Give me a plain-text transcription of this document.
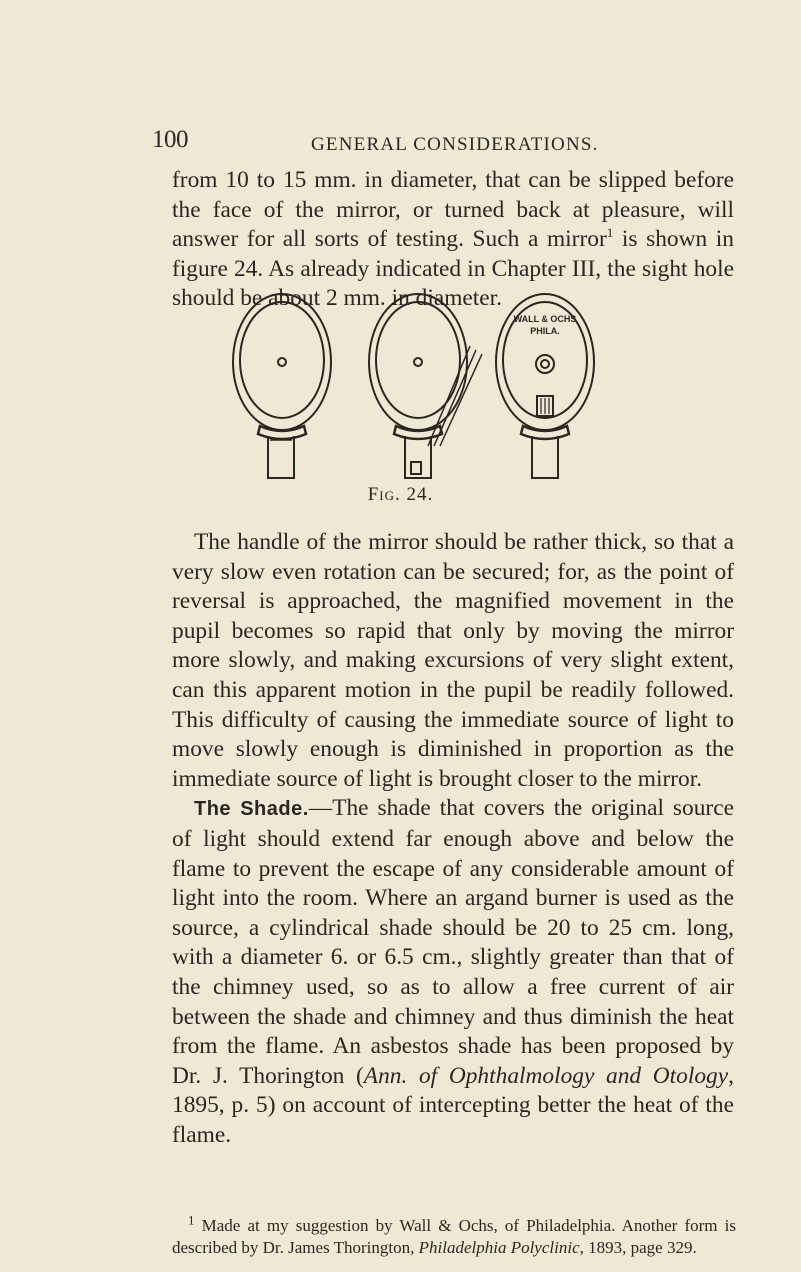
100	GENERAL CONSIDERATIONS.

from 10 to 15 mm. in diameter, that can be slipped before the face of the mirror, or turned back at pleasure, will answer for all sorts of testing. Such a mirror$^1$ is shown in figure 24. As already indicated in Chapter III, the sight hole should be about 2 mm. in diameter.

WALL & OCHS
PHILA.
Fig. 24.

The handle of the mirror should be rather thick, so that a very slow even rotation can be secured; for, as the point of reversal is approached, the magnified movement in the pupil becomes so rapid that only by moving the mirror more slowly, and making excursions of very slight extent, can this apparent motion in the pupil be readily followed. This difficulty of causing the immediate source of light to move slowly enough is diminished in proportion as the immediate source of light is brought closer to the mirror.

The Shade.—The shade that covers the original source of light should extend far enough above and below the flame to prevent the escape of any considerable amount of light into the room. Where an argand burner is used as the source, a cylindrical shade should be 20 to 25 cm. long, with a diameter 6. or 6.5 cm., slightly greater than that of the chimney used, so as to allow a free current of air between the shade and chimney and thus diminish the heat from the flame. An asbestos shade has been proposed by Dr. J. Thorington (Ann. of Ophthalmology and Otology, 1895, p. 5) on account of intercepting better the heat of the flame.

$^1$ Made at my suggestion by Wall & Ochs, of Philadelphia. Another form is described by Dr. James Thorington, Philadelphia Polyclinic, 1893, page 329.
